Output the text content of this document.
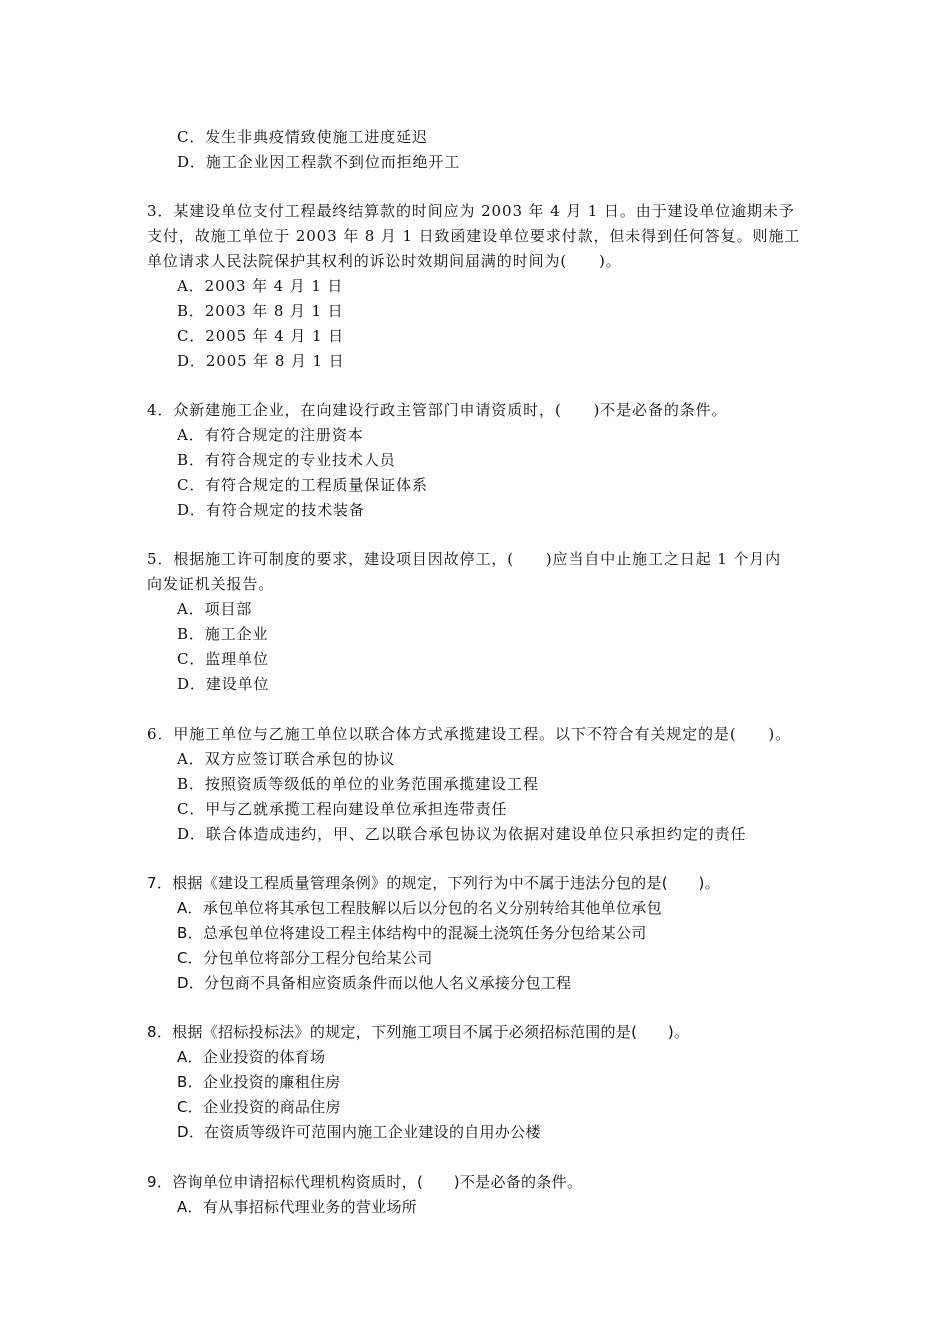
C．发生非典疫情致使施工进度延迟

D．施工企业因工程款不到位而拒绝开工

3．某建设单位支付工程最终结算款的时间应为 2003 年 4 月 1 日。由于建设单位逾期未予

支付，故施工单位于 2003 年 8 月 1 日致函建设单位要求付款，但未得到任何答复。则施工

单位请求人民法院保护其权利的诉讼时效期间届满的时间为(　　)。

A．2003 年 4 月 1 日

B．2003 年 8 月 1 日

C．2005 年 4 月 1 日

D．2005 年 8 月 1 日

4．众新建施工企业，在向建设行政主管部门申请资质时，(　　)不是必备的条件。

A．有符合规定的注册资本

B．有符合规定的专业技术人员

C．有符合规定的工程质量保证体系

D．有符合规定的技术装备

5．根据施工许可制度的要求，建设项目因故停工，(　　)应当自中止施工之日起 1 个月内

向发证机关报告。

A．项目部

B．施工企业

C．监理单位

D．建设单位

6．甲施工单位与乙施工单位以联合体方式承揽建设工程。以下不符合有关规定的是(　　)。

A．双方应签订联合承包的协议

B．按照资质等级低的单位的业务范围承揽建设工程

C．甲与乙就承揽工程向建设单位承担连带责任

D．联合体造成违约，甲、乙以联合承包协议为依据对建设单位只承担约定的责任

7．根据《建设工程质量管理条例》的规定，下列行为中不属于违法分包的是(　　)。

A．承包单位将其承包工程肢解以后以分包的名义分别转给其他单位承包

B．总承包单位将建设工程主体结构中的混凝土浇筑任务分包给某公司

C．分包单位将部分工程分包给某公司

D．分包商不具备相应资质条件而以他人名义承接分包工程

8．根据《招标投标法》的规定，下列施工项目不属于必须招标范围的是(　　)。

A．企业投资的体育场

B．企业投资的廉租住房

C．企业投资的商品住房

D．在资质等级许可范围内施工企业建设的自用办公楼

9．咨询单位申请招标代理机构资质时，(　　)不是必备的条件。

A．有从事招标代理业务的营业场所
